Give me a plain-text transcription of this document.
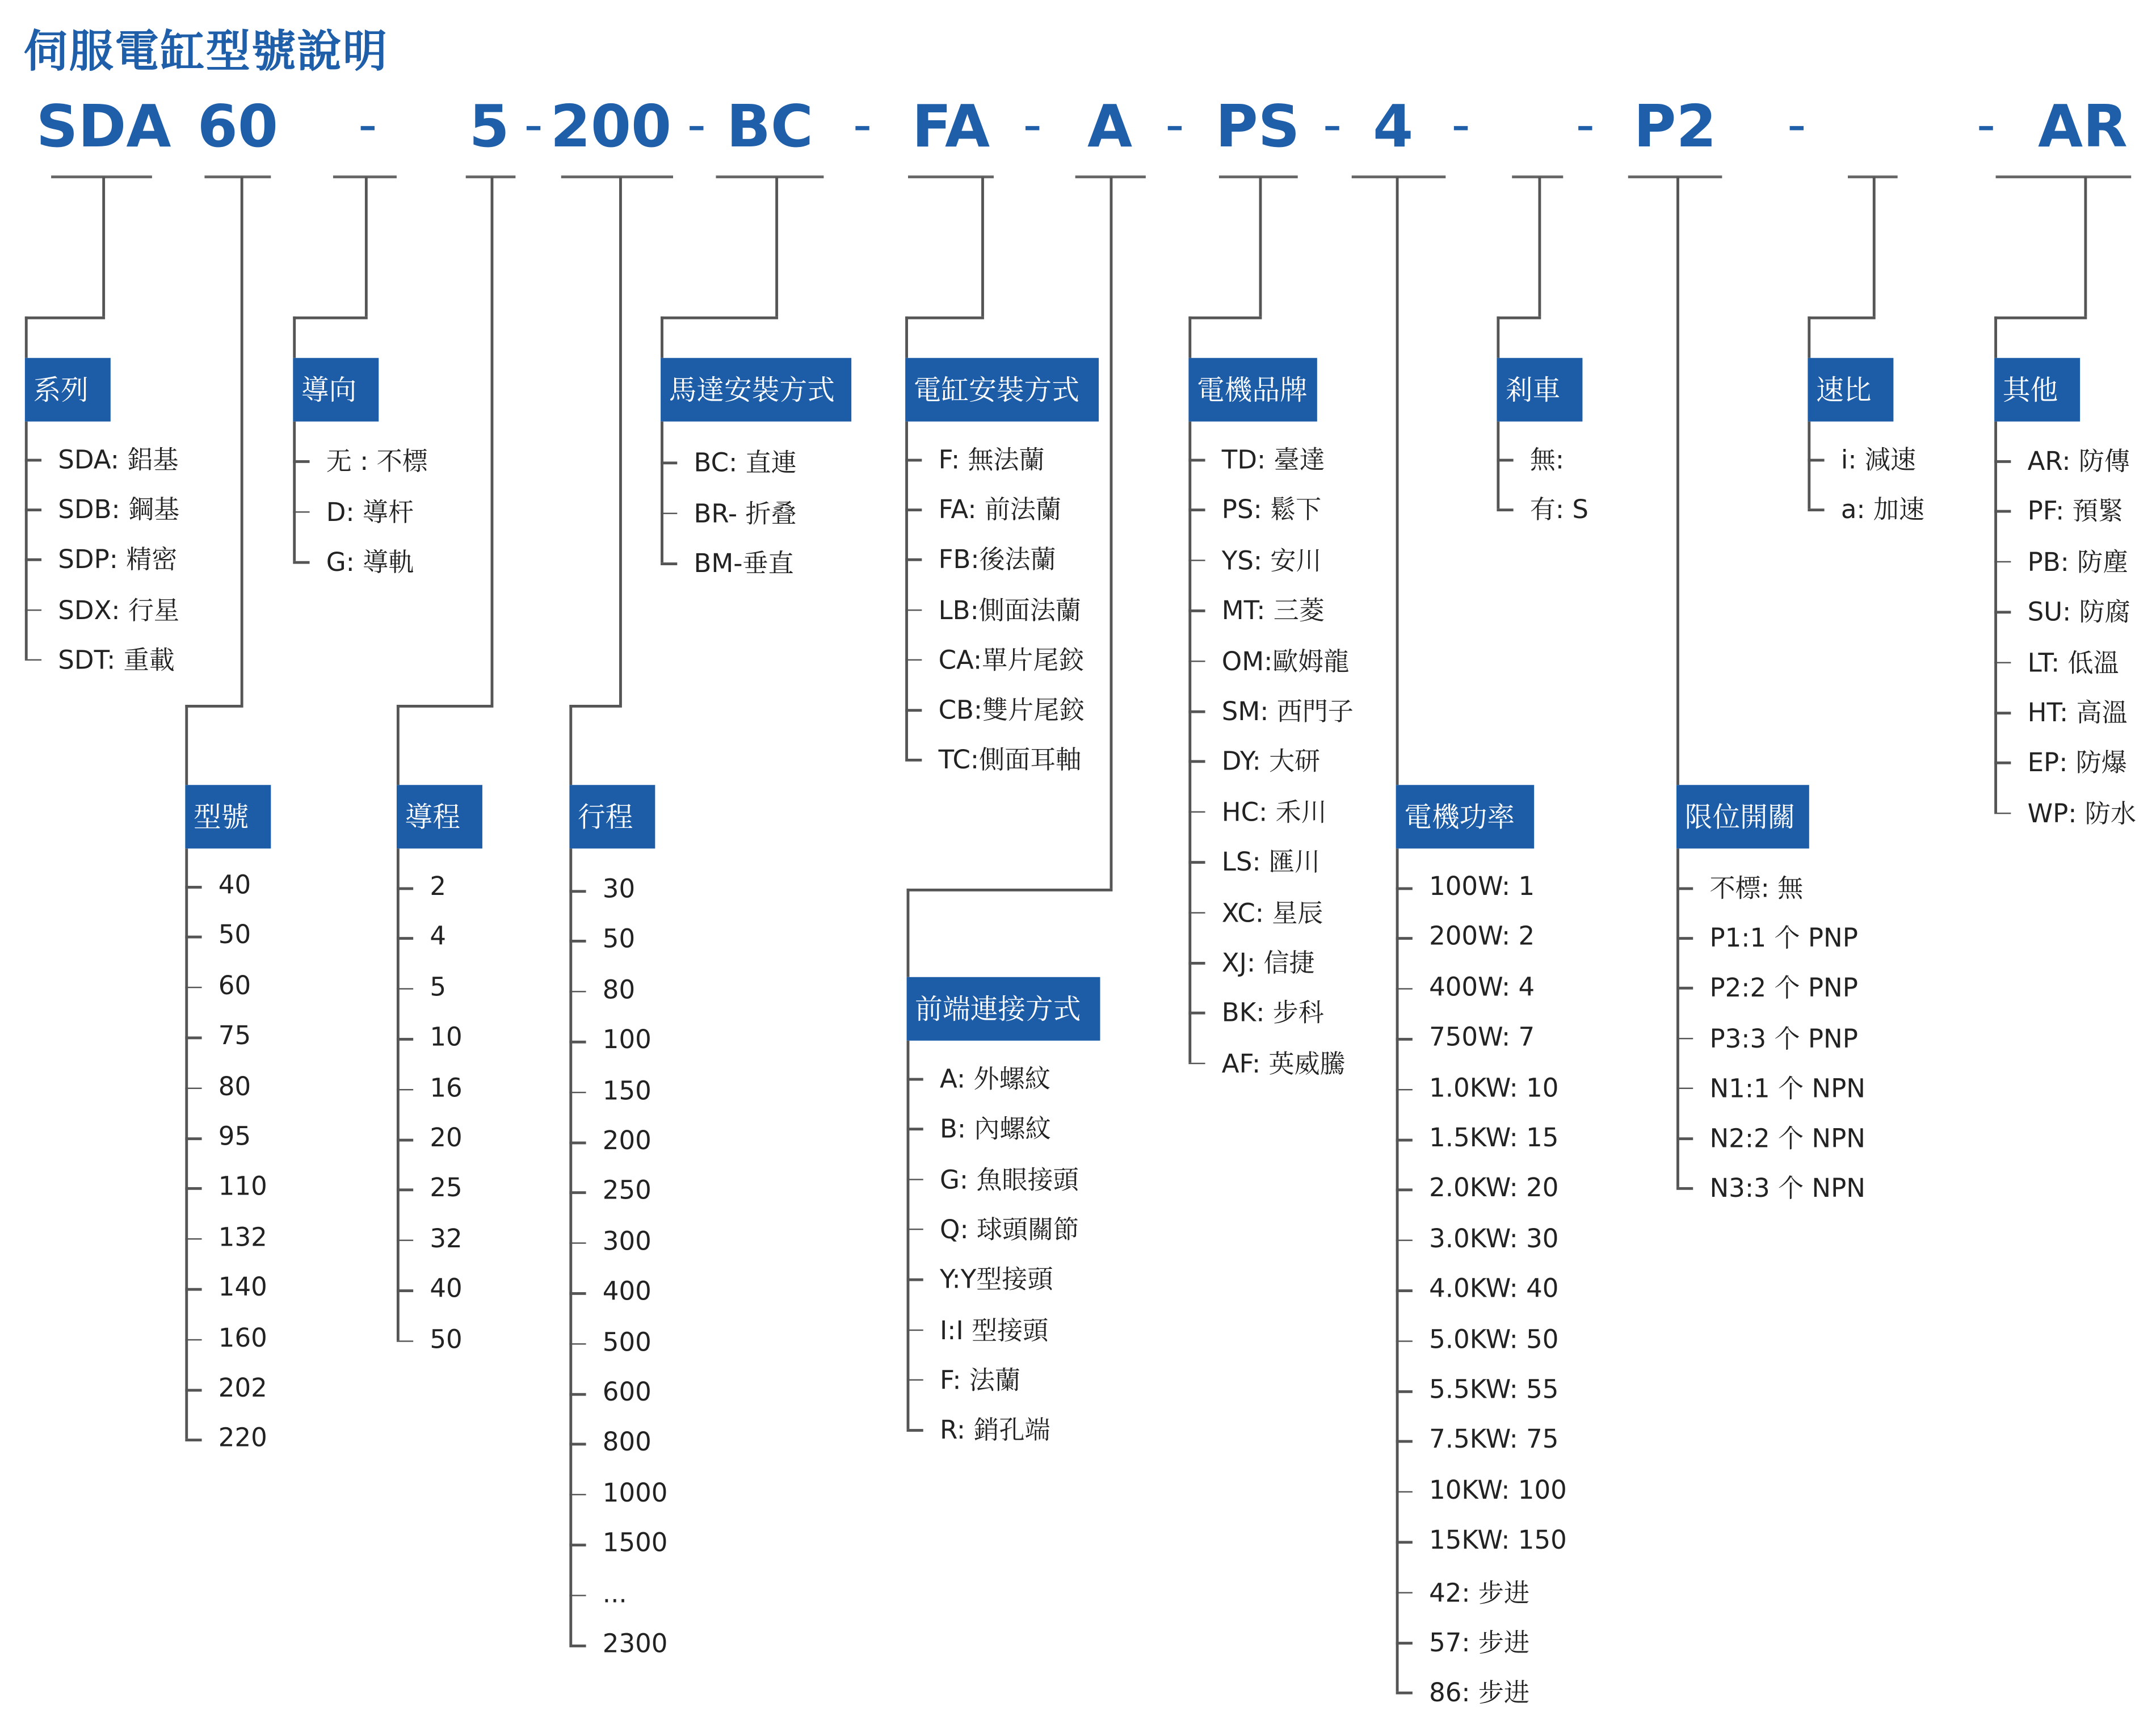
伺服電缸型號說明
SDA 60	5 200 BC	FA	A	PS	4	P2	AR
-	-	-	-	-	-	-	-	-	-	-
系列
SDA: 鋁基
SDB: 鋼基
SDP: 精密
SDX: 行星
SDT: 重載
型號
40
50
60
75
80
95
110
132
140
160
202
220
導向
无 : 不標
D: 導杆
G: 導軌
導程
2
4
5
10
16
20
25
32
40
50
行程
30
50
80
100
150
200
250
300
400
500
600
800
1000
1500
...
2300
馬達安裝方式
BC: 直連
BR- 折叠
BM-垂直
電缸安裝方式
F: 無法蘭
FA: 前法蘭
FB:後法蘭
LB:側面法蘭
CA:單片尾鉸
CB:雙片尾鉸
TC:側面耳軸
前端連接方式
A: 外螺紋
B: 內螺紋
G: 魚眼接頭
Q: 球頭關節
Y:Y型接頭
I:I 型接頭
F: 法蘭
R: 銷孔端
電機品牌
TD: 臺達
PS: 鬆下
YS: 安川
MT: 三菱
OM:歐姆龍
SM: 西門子
DY: 大研
HC: 禾川
LS: 匯川
XC: 星辰
XJ: 信捷
BK: 步科
AF: 英威騰
電機功率
100W: 1
200W: 2
400W: 4
750W: 7
1.0KW: 10
1.5KW: 15
2.0KW: 20
3.0KW: 30
4.0KW: 40
5.0KW: 50
5.5KW: 55
7.5KW: 75
10KW: 100
15KW: 150
42: 步进
57: 步进
86: 步进
剎車
無:
有: S
限位開關
不標: 無
P1:1 个 PNP
P2:2 个 PNP
P3:3 个 PNP
N1:1 个 NPN
N2:2 个 NPN
N3:3 个 NPN
速比
i: 減速
a: 加速
其他
AR: 防傳
PF: 預緊
PB: 防塵
SU: 防腐
LT: 低溫
HT: 高溫
EP: 防爆
WP: 防水
